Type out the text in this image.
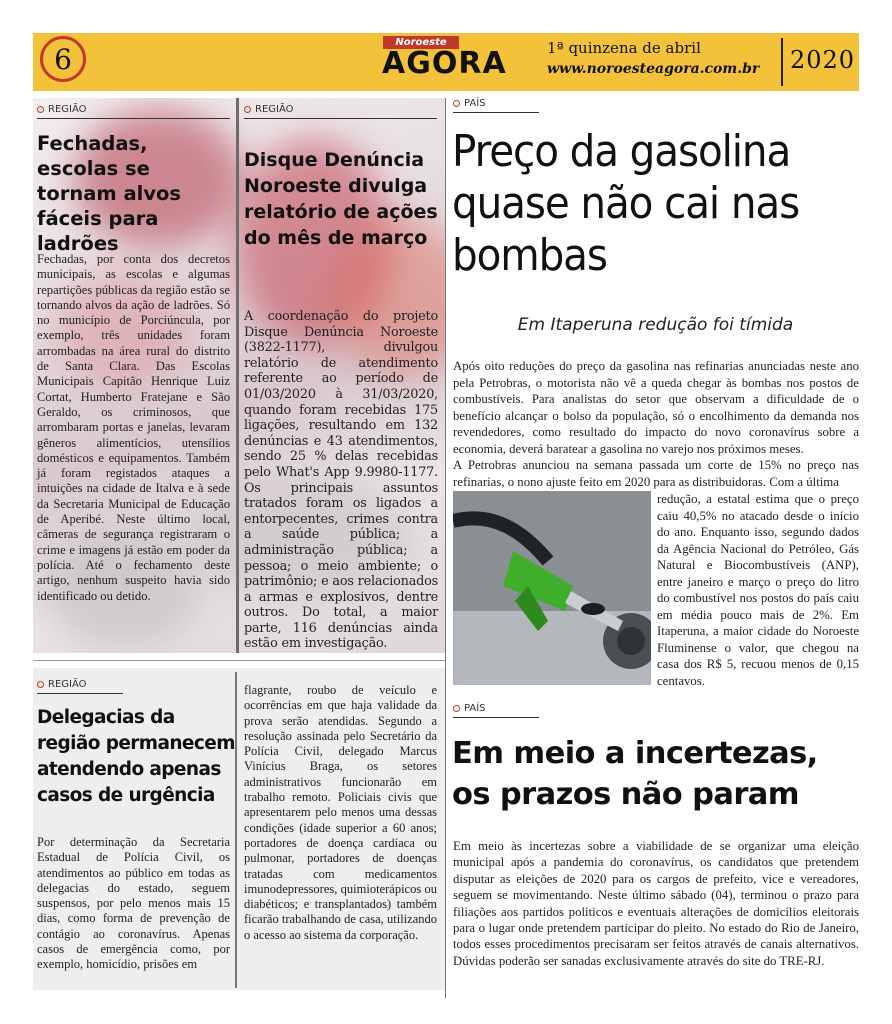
6	Noroeste
AGORA	1ª quinzena de abril
www.noroesteagora.com.br 2020
REGIÃO
Fechadas, escolas se tornam alvos fáceis para ladrões
Fechadas, por conta dos decretos municipais, as escolas e algumas repartições públicas da região estão se tornando alvos da ação de ladrões. Só no município de Porciúncula, por exemplo, três unidades foram arrombadas na área rural do distrito de Santa Clara. Das Escolas Municipais Capitão Henrique Luiz Cortat, Humberto Fratejane e São Geraldo, os criminosos, que arrombaram portas e janelas, levaram gêneros alimentícios, utensílios domésticos e equipamentos. Também já foram registados ataques a intuições na cidade de Italva e à sede da Secretaria Municipal de Educação de Aperibé. Neste último local, câmeras de segurança registraram o crime e imagens já estão em poder da polícia. Até o fechamento deste artigo, nenhum suspeito havia sido identificado ou detido.
REGIÃO
Disque Denúncia Noroeste divulga relatório de ações do mês de março
A coordenação do projeto Disque Denúncia Noroeste (3822-1177), divulgou relatório de atendimento referente ao período de 01/03/2020 à 31/03/2020, quando foram recebidas 175 ligações, resultando em 132 denúncias e 43 atendimentos, sendo 25 % delas recebidas pelo What's App 9.9980-1177. Os principais assuntos tratados foram os ligados a entorpecentes, crimes contra a saúde pública; a administração pública; a pessoa; o meio ambiente; o patrimônio; e aos relacionados a armas e explosivos, dentre outros. Do total, a maior parte, 116 denúncias ainda estão em investigação.
REGIÃO
Delegacias da região permanecem atendendo apenas casos de urgência
Por determinação da Secretaria Estadual de Polícia Civil, os atendimentos ao público em todas as delegacias do estado, seguem suspensos, por pelo menos mais 15 dias, como forma de prevenção de contágio ao coronavírus. Apenas casos de emergência como, por exemplo, homicídio, prisões em
flagrante, roubo de veículo e ocorrências em que haja validade da prova serão atendidas. Segundo a resolução assinada pelo Secretário da Polícia Civil, delegado Marcus Vinícius Braga, os setores administrativos funcionarão em trabalho remoto. Policiais civis que apresentarem pelo menos uma dessas condições (idade superior a 60 anos; portadores de doença cardíaca ou pulmonar, portadores de doenças tratadas com medicamentos imunodepressores, quimioterápicos ou diabéticos; e transplantados) também ficarão trabalhando de casa, utilizando o acesso ao sistema da corporação.
PAÍS
Preço da gasolina quase não cai nas bombas
Em Itaperuna redução foi tímida
Após oito reduções do preço da gasolina nas refinarias anunciadas neste ano pela Petrobras, o motorista não vê a queda chegar às bombas nos postos de combustíveis. Para analistas do setor que observam a dificuldade de o benefício alcançar o bolso da população, só o encolhimento da demanda nos revendedores, como resultado do impacto do novo coronavírus sobre a economia, deverá baratear a gasolina no varejo nos próximos meses.
A Petrobras anunciou na semana passada um corte de 15% no preço nas refinarias, o nono ajuste feito em 2020 para as distribuidoras. Com a última
redução, a estatal estima que o preço caiu 40,5% no atacado desde o início do ano. Enquanto isso, segundo dados da Agência Nacional do Petróleo, Gás Natural e Biocombustíveis (ANP), entre janeiro e março o preço do litro do combustível nos postos do país caiu em média pouco mais de 2%. Em Itaperuna, a maior cidade do Noroeste Fluminense o valor, que chegou na casa dos R$ 5, recuou menos de 0,15 centavos.
PAÍS
Em meio a incertezas, os prazos não param
Em meio às incertezas sobre a viabilidade de se organizar uma eleição municipal após a pandemia do coronavírus, os candidatos que pretendem disputar as eleições de 2020 para os cargos de prefeito, vice e vereadores, seguem se movimentando. Neste último sábado (04), terminou o prazo para filiações aos partidos políticos e eventuais alterações de domicílios eleitorais para o lugar onde pretendem participar do pleito. No estado do Rio de Janeiro, todos esses procedimentos precisaram ser feitos através de canais alternativos. Dúvidas poderão ser sanadas exclusivamente através do site do TRE-RJ.
